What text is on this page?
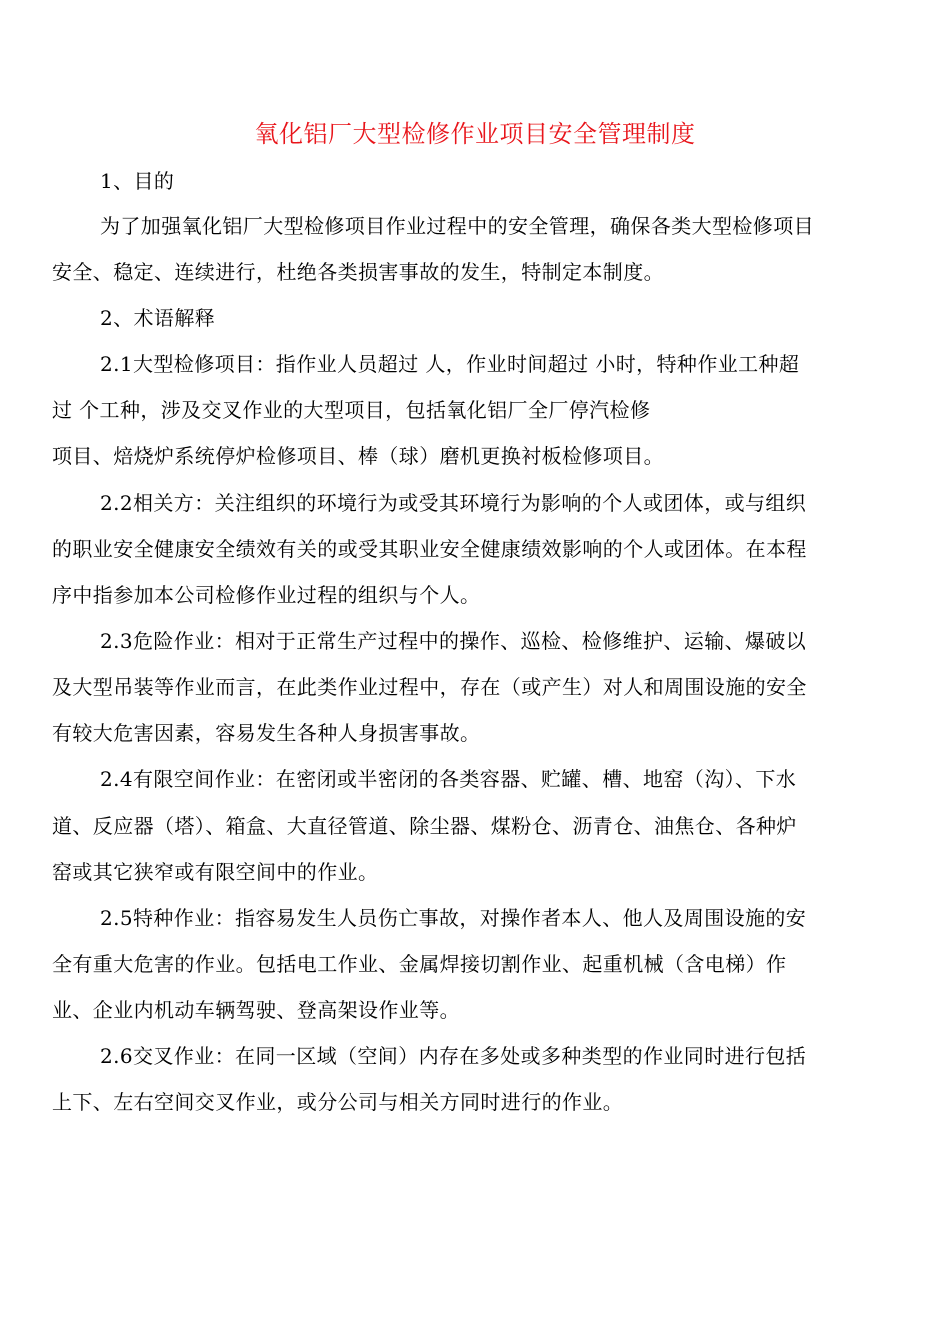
氧化铝厂大型检修作业项目安全管理制度
1、目的
为了加强氧化铝厂大型检修项目作业过程中的安全管理，确保各类大型检修项目
安全、稳定、连续进行，杜绝各类损害事故的发生，特制定本制度。
2、术语解释
2.1大型检修项目：指作业人员超过 人，作业时间超过 小时，特种作业工种超
过 个工种，涉及交叉作业的大型项目，包括氧化铝厂全厂停汽检修
项目、焙烧炉系统停炉检修项目、棒（球）磨机更换衬板检修项目。
2.2相关方：关注组织的环境行为或受其环境行为影响的个人或团体，或与组织
的职业安全健康安全绩效有关的或受其职业安全健康绩效影响的个人或团体。在本程
序中指参加本公司检修作业过程的组织与个人。
2.3危险作业：相对于正常生产过程中的操作、巡检、检修维护、运输、爆破以
及大型吊装等作业而言，在此类作业过程中，存在（或产生）对人和周围设施的安全
有较大危害因素，容易发生各种人身损害事故。
2.4有限空间作业：在密闭或半密闭的各类容器、贮罐、槽、地窑（沟）、下水
道、反应器（塔）、箱盒、大直径管道、除尘器、煤粉仓、沥青仓、油焦仓、各种炉
窑或其它狭窄或有限空间中的作业。
2.5特种作业：指容易发生人员伤亡事故，对操作者本人、他人及周围设施的安
全有重大危害的作业。包括电工作业、金属焊接切割作业、起重机械（含电梯）作
业、企业内机动车辆驾驶、登高架设作业等。
2.6交叉作业：在同一区域（空间）内存在多处或多种类型的作业同时进行包括
上下、左右空间交叉作业，或分公司与相关方同时进行的作业。
